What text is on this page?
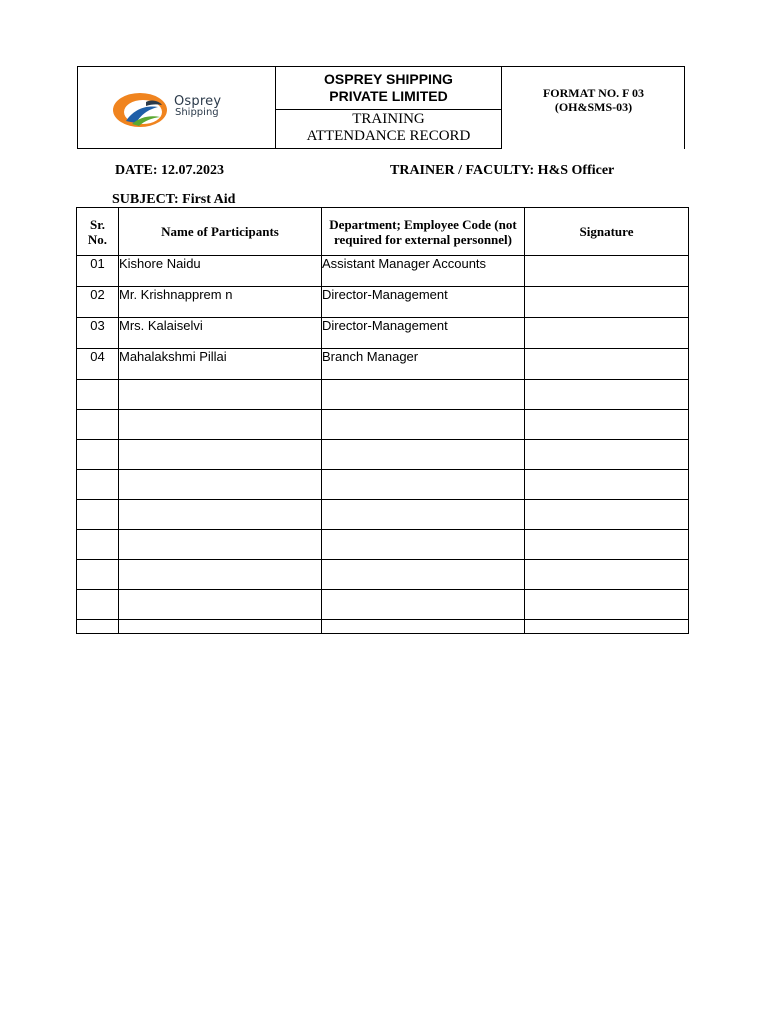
Osprey
Shipping
OSPREY SHIPPING
PRIVATE LIMITED
TRAINING
ATTENDANCE RECORD
FORMAT NO. F 03
(OH&SMS-03)
DATE: 12.07.2023	TRAINER / FACULTY: H&S Officer
SUBJECT: First Aid
Sr. No.	Name of Participants	Department; Employee Code (not required for external personnel)	Signature
01	Kishore Naidu	Assistant Manager Accounts	
02	Mr. Krishnapprem n	Director-Management	
03	Mrs. Kalaiselvi	Director-Management	
04	Mahalakshmi Pillai	Branch Manager	
